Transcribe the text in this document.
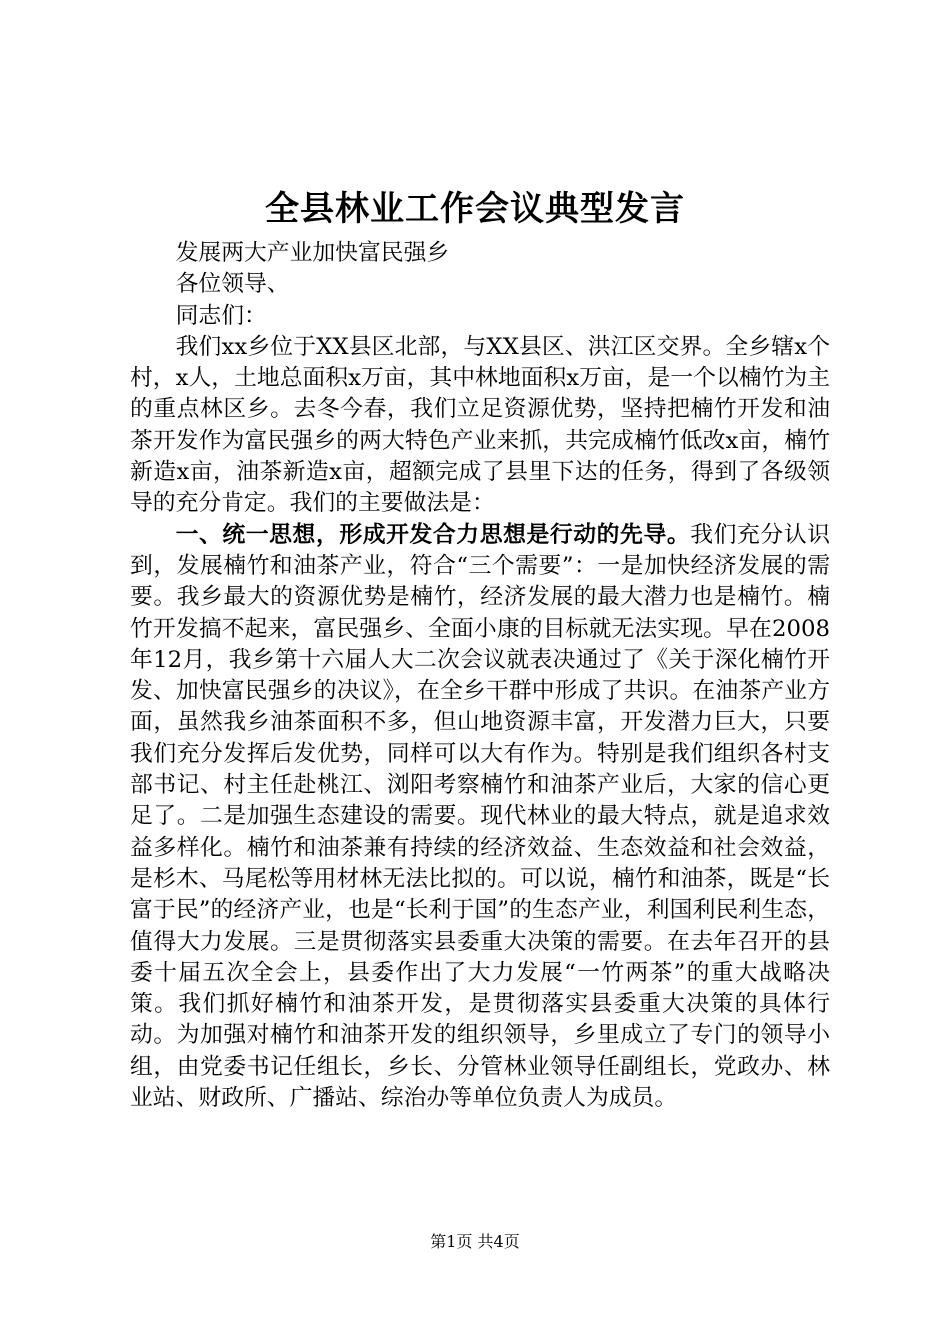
全县林业工作会议典型发言

发展两大产业加快富民强乡

各位领导、

同志们：

我们xx乡位于XX县区北部，与XX县区、洪江区交界。全乡辖x个村，x人，土地总面积x万亩，其中林地面积x万亩，是一个以楠竹为主的重点林区乡。去冬今春，我们立足资源优势，坚持把楠竹开发和油茶开发作为富民强乡的两大特色产业来抓，共完成楠竹低改x亩，楠竹新造x亩，油茶新造x亩，超额完成了县里下达的任务，得到了各级领导的充分肯定。我们的主要做法是：

一、统一思想，形成开发合力思想是行动的先导。我们充分认识到，发展楠竹和油茶产业，符合“三个需要”：一是加快经济发展的需要。我乡最大的资源优势是楠竹，经济发展的最大潜力也是楠竹。楠竹开发搞不起来，富民强乡、全面小康的目标就无法实现。早在2008年12月，我乡第十六届人大二次会议就表决通过了《关于深化楠竹开发、加快富民强乡的决议》，在全乡干群中形成了共识。在油茶产业方面，虽然我乡油茶面积不多，但山地资源丰富，开发潜力巨大，只要我们充分发挥后发优势，同样可以大有作为。特别是我们组织各村支部书记、村主任赴桃江、浏阳考察楠竹和油茶产业后，大家的信心更足了。二是加强生态建设的需要。现代林业的最大特点，就是追求效益多样化。楠竹和油茶兼有持续的经济效益、生态效益和社会效益，是杉木、马尾松等用材林无法比拟的。可以说，楠竹和油茶，既是“长富于民”的经济产业，也是“长利于国”的生态产业，利国利民利生态，值得大力发展。三是贯彻落实县委重大决策的需要。在去年召开的县委十届五次全会上，县委作出了大力发展“一竹两茶”的重大战略决策。我们抓好楠竹和油茶开发，是贯彻落实县委重大决策的具体行动。为加强对楠竹和油茶开发的组织领导，乡里成立了专门的领导小组，由党委书记任组长，乡长、分管林业领导任副组长，党政办、林业站、财政所、广播站、综治办等单位负责人为成员。

第1页 共4页
